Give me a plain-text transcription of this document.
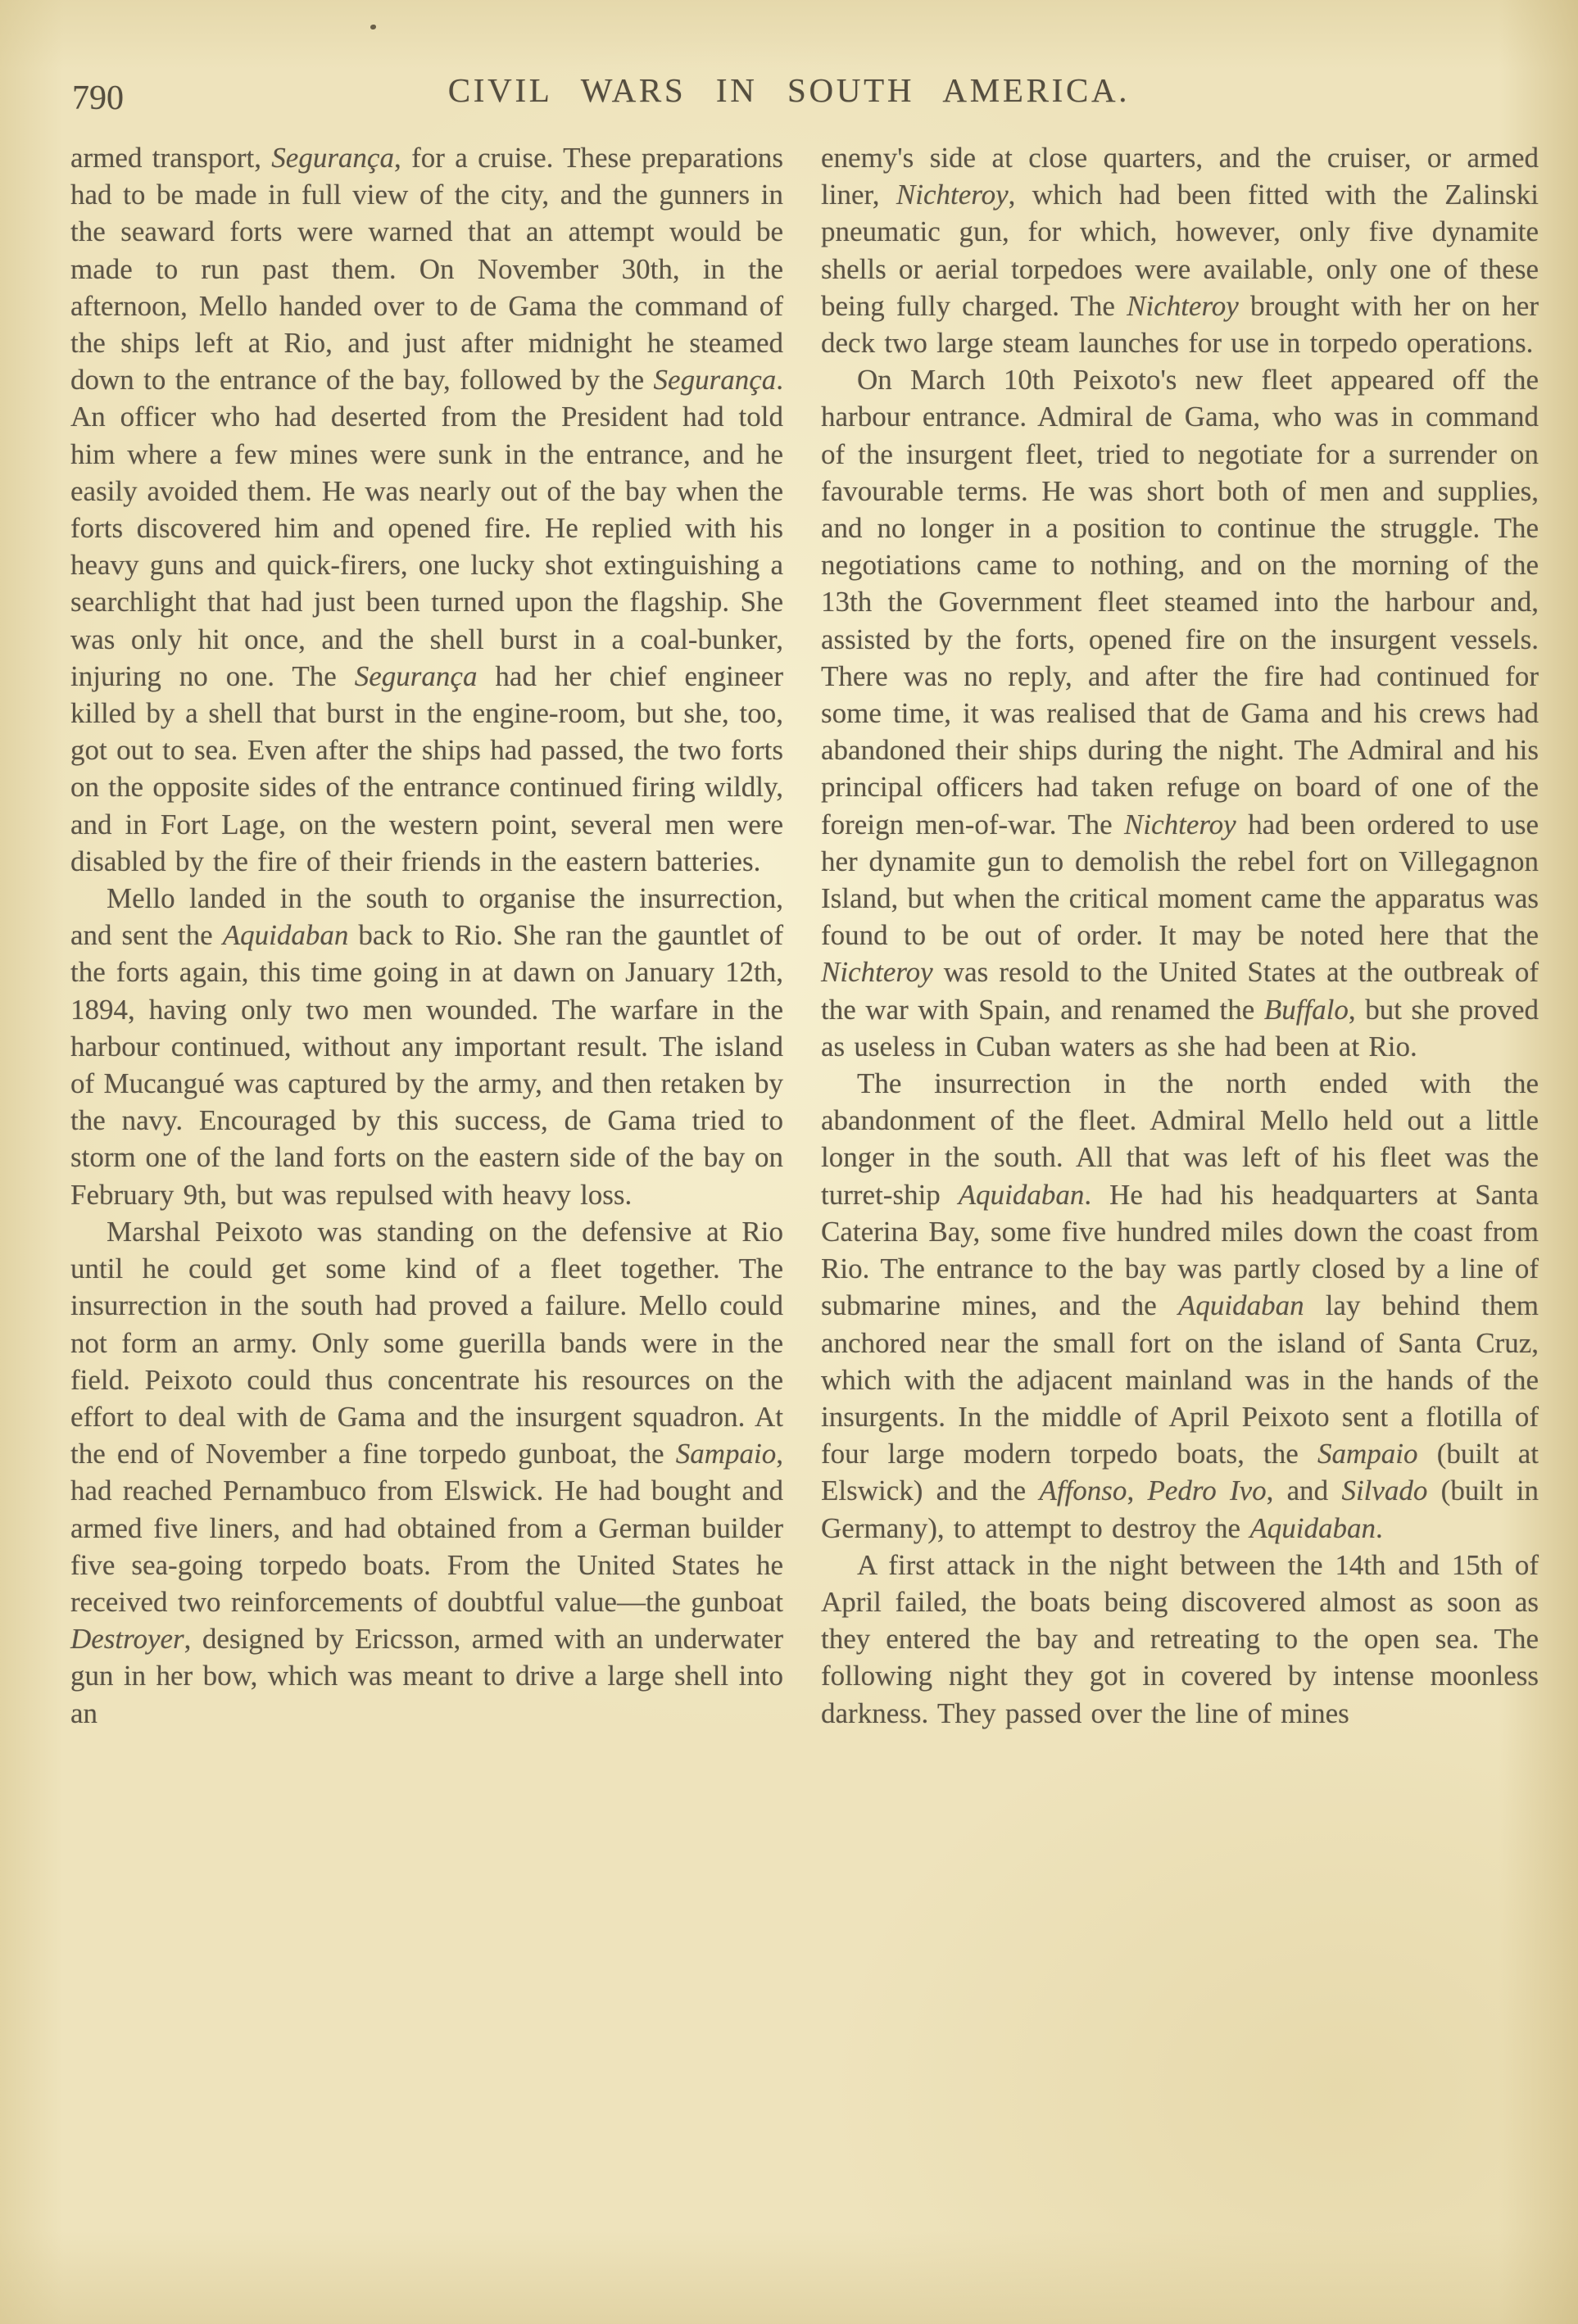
790	CIVIL WARS IN SOUTH AMERICA.

armed transport, Segurança, for a cruise. These preparations had to be made in full view of the city, and the gunners in the seaward forts were warned that an attempt would be made to run past them. On November 30th, in the afternoon, Mello handed over to de Gama the command of the ships left at Rio, and just after midnight he steamed down to the entrance of the bay, followed by the Segurança. An officer who had deserted from the President had told him where a few mines were sunk in the entrance, and he easily avoided them. He was nearly out of the bay when the forts discovered him and opened fire. He replied with his heavy guns and quick-firers, one lucky shot extinguishing a searchlight that had just been turned upon the flagship. She was only hit once, and the shell burst in a coal-bunker, injuring no one. The Segurança had her chief engineer killed by a shell that burst in the engine-room, but she, too, got out to sea. Even after the ships had passed, the two forts on the opposite sides of the entrance continued firing wildly, and in Fort Lage, on the western point, several men were disabled by the fire of their friends in the eastern batteries.

Mello landed in the south to organise the insurrection, and sent the Aquidaban back to Rio. She ran the gauntlet of the forts again, this time going in at dawn on January 12th, 1894, having only two men wounded. The warfare in the harbour continued, without any important result. The island of Mucangué was captured by the army, and then retaken by the navy. Encouraged by this success, de Gama tried to storm one of the land forts on the eastern side of the bay on February 9th, but was repulsed with heavy loss.

Marshal Peixoto was standing on the defensive at Rio until he could get some kind of a fleet together. The insurrection in the south had proved a failure. Mello could not form an army. Only some guerilla bands were in the field. Peixoto could thus concentrate his resources on the effort to deal with de Gama and the insurgent squadron. At the end of November a fine torpedo gunboat, the Sampaio, had reached Pernambuco from Elswick. He had bought and armed five liners, and had obtained from a German builder five sea-going torpedo boats. From the United States he received two reinforcements of doubtful value—the gunboat Destroyer, designed by Ericsson, armed with an underwater gun in her bow, which was meant to drive a large shell into an

enemy's side at close quarters, and the cruiser, or armed liner, Nichteroy, which had been fitted with the Zalinski pneumatic gun, for which, however, only five dynamite shells or aerial torpedoes were available, only one of these being fully charged. The Nichteroy brought with her on her deck two large steam launches for use in torpedo operations.

On March 10th Peixoto's new fleet appeared off the harbour entrance. Admiral de Gama, who was in command of the insurgent fleet, tried to negotiate for a surrender on favourable terms. He was short both of men and supplies, and no longer in a position to continue the struggle. The negotiations came to nothing, and on the morning of the 13th the Government fleet steamed into the harbour and, assisted by the forts, opened fire on the insurgent vessels. There was no reply, and after the fire had continued for some time, it was realised that de Gama and his crews had abandoned their ships during the night. The Admiral and his principal officers had taken refuge on board of one of the foreign men-of-war. The Nichteroy had been ordered to use her dynamite gun to demolish the rebel fort on Villegagnon Island, but when the critical moment came the apparatus was found to be out of order. It may be noted here that the Nichteroy was resold to the United States at the outbreak of the war with Spain, and renamed the Buffalo, but she proved as useless in Cuban waters as she had been at Rio.

The insurrection in the north ended with the abandonment of the fleet. Admiral Mello held out a little longer in the south. All that was left of his fleet was the turret-ship Aquidaban. He had his headquarters at Santa Caterina Bay, some five hundred miles down the coast from Rio. The entrance to the bay was partly closed by a line of submarine mines, and the Aquidaban lay behind them anchored near the small fort on the island of Santa Cruz, which with the adjacent mainland was in the hands of the insurgents. In the middle of April Peixoto sent a flotilla of four large modern torpedo boats, the Sampaio (built at Elswick) and the Affonso, Pedro Ivo, and Silvado (built in Germany), to attempt to destroy the Aquidaban.

A first attack in the night between the 14th and 15th of April failed, the boats being discovered almost as soon as they entered the bay and retreating to the open sea. The following night they got in covered by intense moonless darkness. They passed over the line of mines
